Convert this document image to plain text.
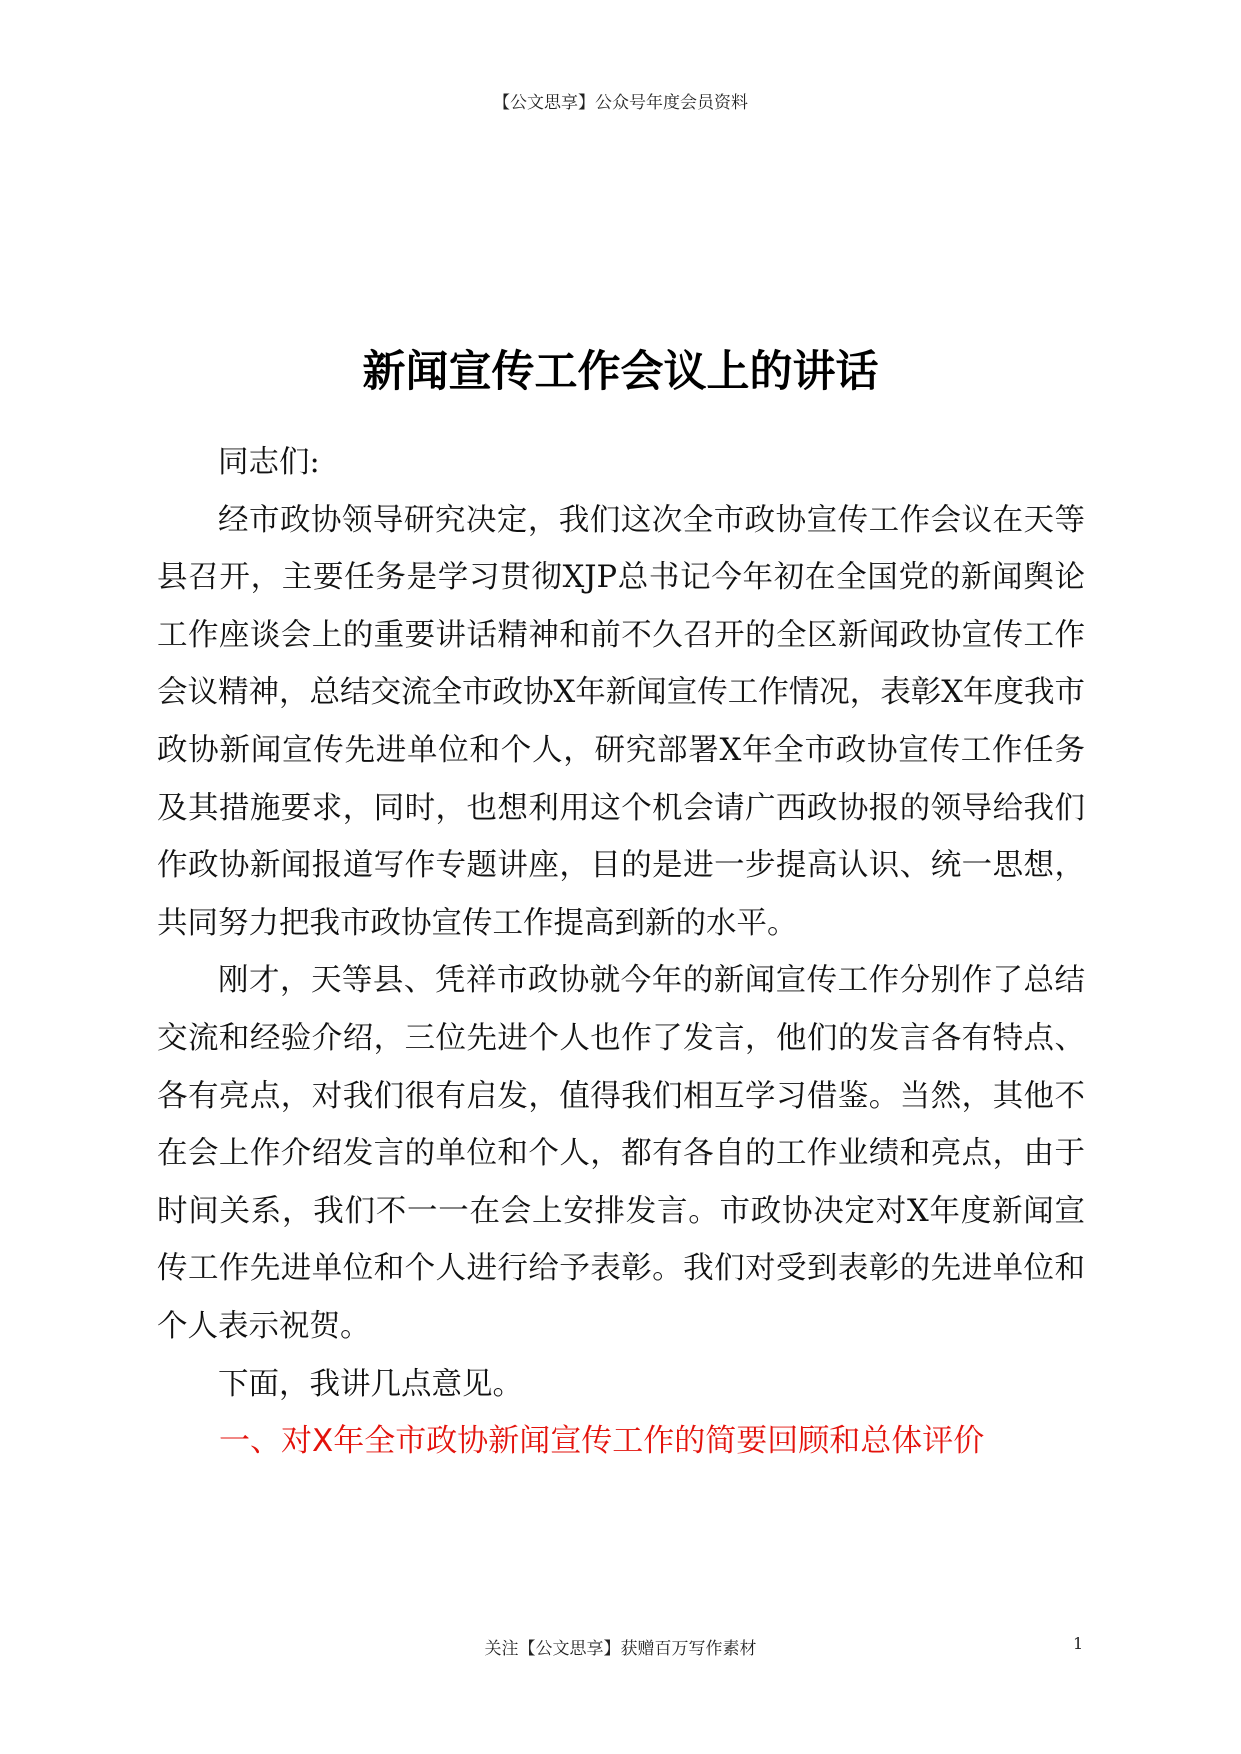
【公文思享】公众号年度会员资料
新闻宣传工作会议上的讲话

同志们:

经市政协领导研究决定，我们这次全市政协宣传工作会议在天等县召开，主要任务是学习贯彻XJP总书记今年初在全国党的新闻舆论工作座谈会上的重要讲话精神和前不久召开的全区新闻政协宣传工作会议精神，总结交流全市政协X年新闻宣传工作情况，表彰X年度我市政协新闻宣传先进单位和个人，研究部署X年全市政协宣传工作任务及其措施要求，同时，也想利用这个机会请广西政协报的领导给我们作政协新闻报道写作专题讲座，目的是进一步提高认识、统一思想，共同努力把我市政协宣传工作提高到新的水平。

刚才，天等县、凭祥市政协就今年的新闻宣传工作分别作了总结交流和经验介绍，三位先进个人也作了发言，他们的发言各有特点、各有亮点，对我们很有启发，值得我们相互学习借鉴。当然，其他不在会上作介绍发言的单位和个人，都有各自的工作业绩和亮点，由于时间关系，我们不一一在会上安排发言。市政协决定对X年度新闻宣传工作先进单位和个人进行给予表彰。我们对受到表彰的先进单位和个人表示祝贺。

下面，我讲几点意见。

一、对X年全市政协新闻宣传工作的简要回顾和总体评价

关注【公文思享】获赠百万写作素材	1
